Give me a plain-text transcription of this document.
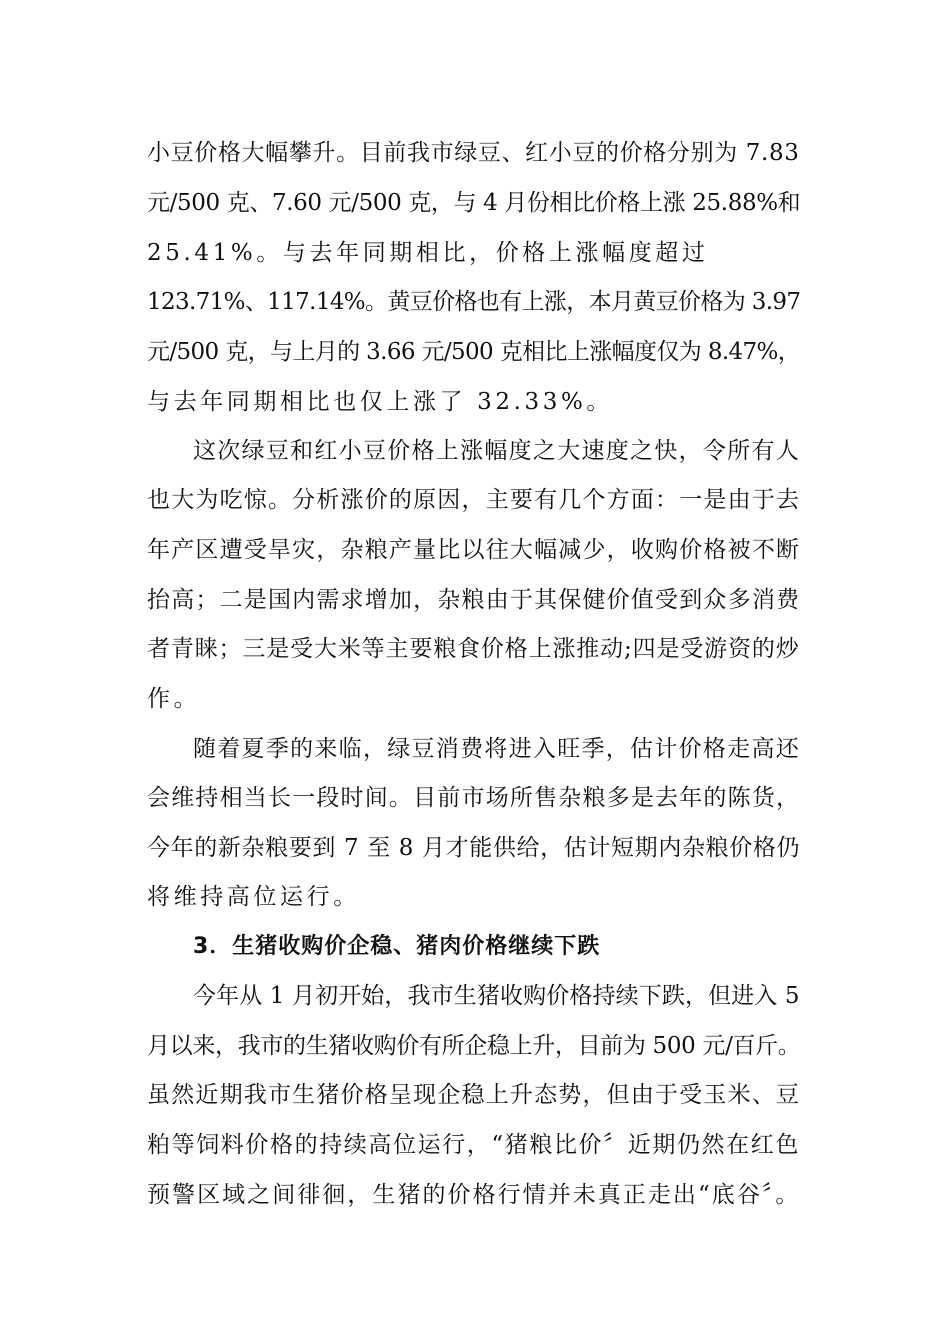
小豆价格大幅攀升。目前我市绿豆、红小豆的价格分别为 7.83

元/500 克、7.60 元/500 克，与 4 月份相比价格上涨 25.88%和

25.41%。与去年同期相比，价格上涨幅度超过

123.71%、117.14%。黄豆价格也有上涨，本月黄豆价格为 3.97

元/500 克，与上月的 3.66 元/500 克相比上涨幅度仅为 8.47%，

与去年同期相比也仅上涨了 32.33%。

这次绿豆和红小豆价格上涨幅度之大速度之快，令所有人

也大为吃惊。分析涨价的原因，主要有几个方面：一是由于去

年产区遭受旱灾，杂粮产量比以往大幅减少，收购价格被不断

抬高；二是国内需求增加，杂粮由于其保健价值受到众多消费

者青睐；三是受大米等主要粮食价格上涨推动;四是受游资的炒

作。

随着夏季的来临，绿豆消费将进入旺季，估计价格走高还

会维持相当长一段时间。目前市场所售杂粮多是去年的陈货，

今年的新杂粮要到 7 至 8 月才能供给，估计短期内杂粮价格仍

将维持高位运行。

3．生猪收购价企稳、猪肉价格继续下跌

今年从 1 月初开始，我市生猪收购价格持续下跌，但进入 5

月以来，我市的生猪收购价有所企稳上升，目前为 500 元/百斤。

虽然近期我市生猪价格呈现企稳上升态势，但由于受玉米、豆

粕等饲料价格的持续高位运行，“猪粮比价〞近期仍然在红色

预警区域之间徘徊，生猪的价格行情并未真正走出“底谷〞。
